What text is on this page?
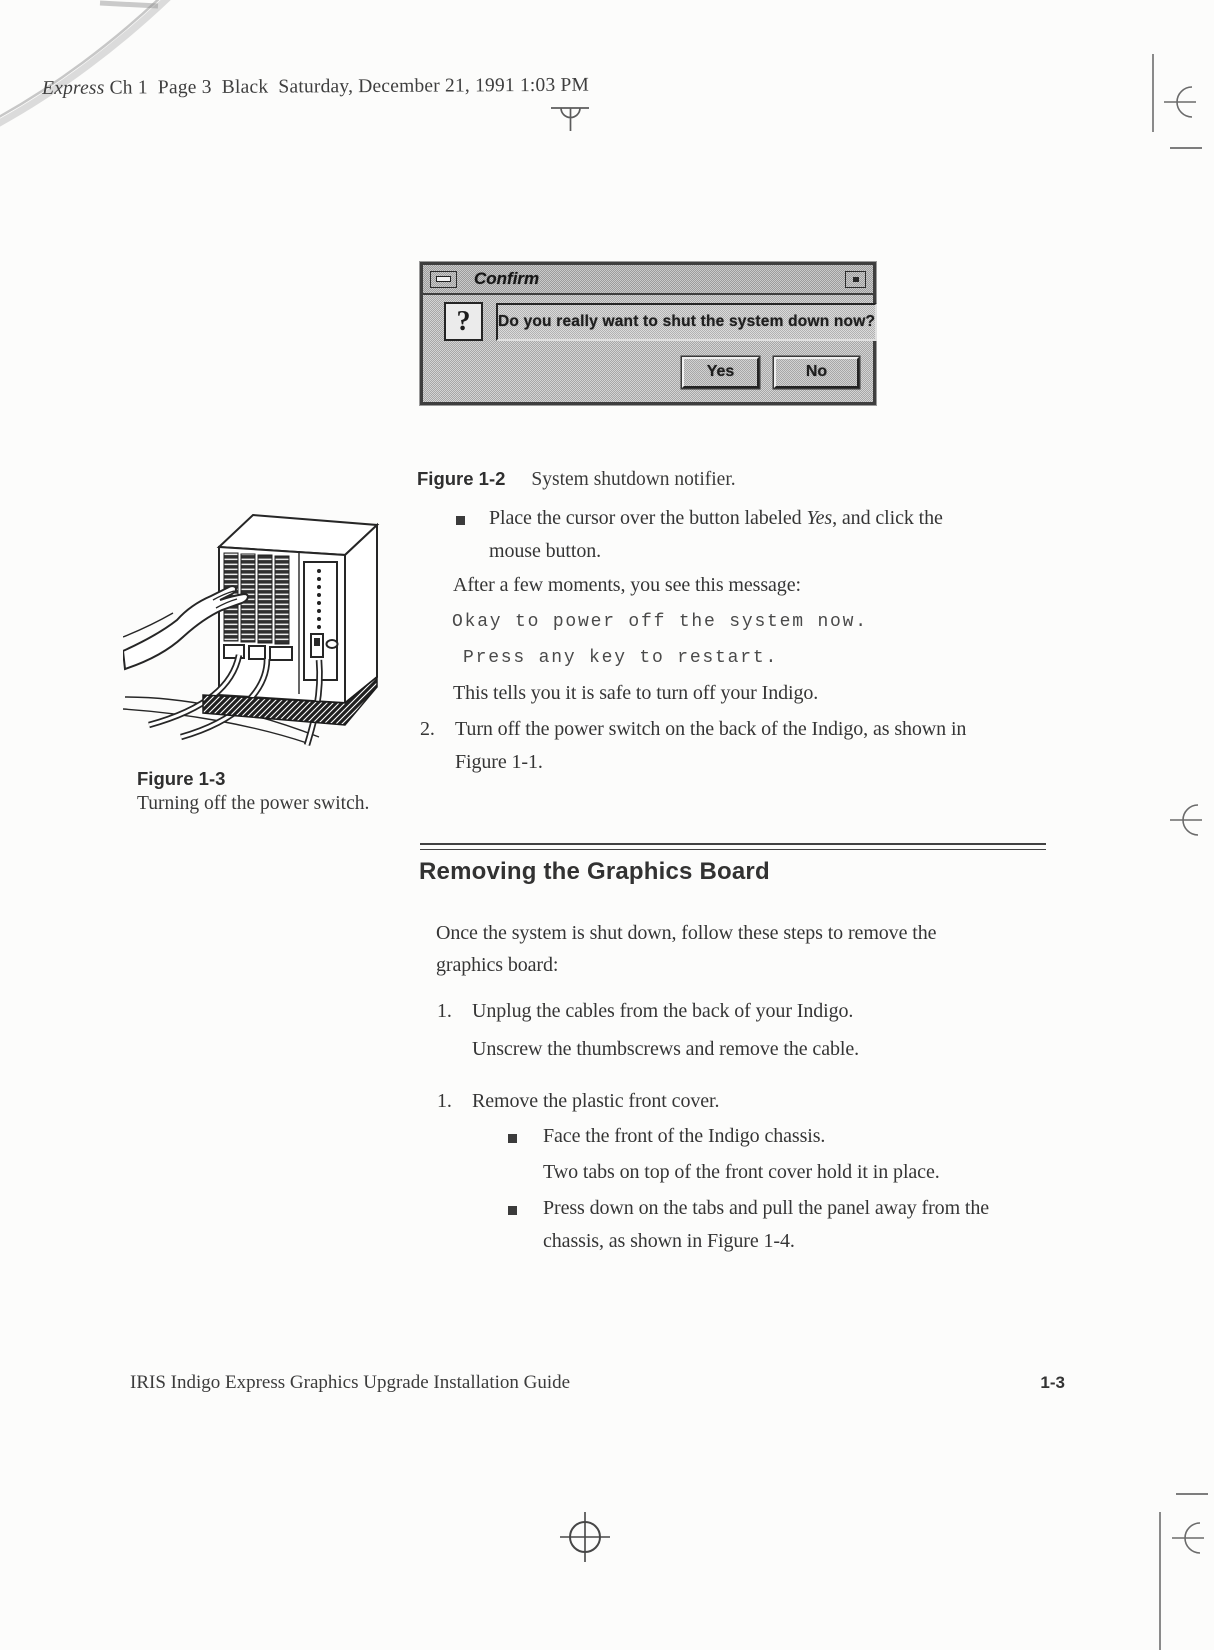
Express Ch 1  Page 3  Black  Saturday, December 21, 1991 1:03 PM
Confirm
? Do you really want to shut the system down now?
Yes	No
Figure 1-2 System shutdown notifier.
Place the cursor over the button labeled Yes, and click the
mouse button.
After a few moments, you see this message:
Okay to power off the system now.
Press any key to restart.
This tells you it is safe to turn off your Indigo.
2. Turn off the power switch on the back of the Indigo, as shown in
Figure 1-1.
Figure 1-3
Turning off the power switch.
Removing the Graphics Board
Once the system is shut down, follow these steps to remove the
graphics board:
1. Unplug the cables from the back of your Indigo.
Unscrew the thumbscrews and remove the cable.
1. Remove the plastic front cover.
Face the front of the Indigo chassis.
Two tabs on top of the front cover hold it in place.
Press down on the tabs and pull the panel away from the
chassis, as shown in Figure 1-4.
IRIS Indigo Express Graphics Upgrade Installation Guide	1-3
